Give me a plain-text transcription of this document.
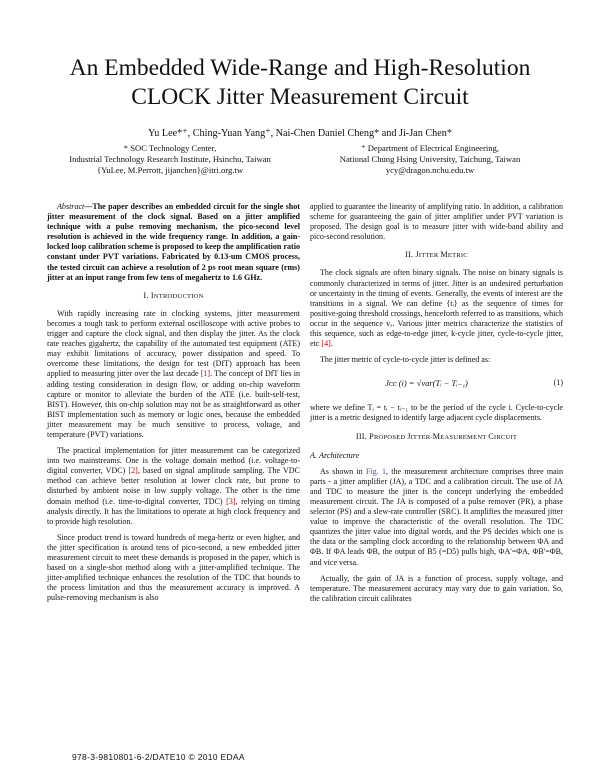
An Embedded Wide-Range and High-Resolution
CLOCK Jitter Measurement Circuit
Yu Lee*⁺, Ching-Yuan Yang⁺, Nai-Chen Daniel Cheng* and Ji-Jan Chen*
* SOC Technology Center,
Industrial Technology Research Institute, Hsinchu, Taiwan
{YuLee, M.Perrott, jijanchen}@itri.org.tw
⁺ Department of Electrical Engineering,
National Chung Hsing University, Taichung, Taiwan
ycy@dragon.nchu.edu.tw

Abstract—The paper describes an embedded circuit for the single shot jitter measurement of the clock signal. Based on a jitter amplified technique with a pulse removing mechanism, the pico-second level resolution is achieved in the wide frequency range. In addition, a gain-locked loop calibration scheme is proposed to keep the amplification ratio constant under PVT variations. Fabricated by 0.13-um CMOS process, the tested circuit can achieve a resolution of 2 ps root mean square (rms) jitter at an input range from few tens of megahertz to 1.6 GHz.

I. INTRODUCTION

With rapidly increasing rate in clocking systems, jitter measurement becomes a tough task to perform external oscilloscope with active probes to trigger and capture the clock signal, and then display the jitter. As the clock rate reaches gigahertz, the capability of the automated test equipment (ATE) may exhibit limitations of accuracy, power dissipation and speed. To overcome these limitations, the design for test (DfT) approach has been applied to measuring jitter over the last decade [1]. The concept of DfT lies in adding testing consideration in design flow, or adding on-chip waveform capture or monitor to alleviate the burden of the ATE (i.e. built-self-test, BIST). However, this on-chip solution may not be as straightforward as other BIST implementation such as memory or logic ones, because the embedded jitter measurement may be much sensitive to process, voltage, and temperature (PVT) variations.

The practical implementation for jitter measurement can be categorized into two mainstreams. One is the voltage domain method (i.e. voltage-to-digital converter, VDC) [2], based on signal amplitude sampling. The VDC method can achieve better resolution at lower clock rate, but prone to disturbed by ambient noise in low supply voltage. The other is the time domain method (i.e. time-to-digital converter, TDC) [3], relying on timing analysis directly. It has the limitations to operate at high clock frequency and to provide high resolution.

Since product trend is toward hundreds of mega-hertz or even higher, and the jitter specification is around tens of pico-second, a new embedded jitter measurement circuit to meet these demands is proposed in the paper, which is based on a single-shot method along with a jitter-amplified technique. The jitter-amplified technique enhances the resolution of the TDC that bounds to the process limitation and thus the measurement accuracy is improved. A pulse-removing mechanism is also

applied to guarantee the linearity of amplifying ratio. In addition, a calibration scheme for guaranteeing the gain of jitter amplifier under PVT variation is proposed. The design goal is to measure jitter with wide-band ability and pico-second resolution.

II. JITTER METRIC

The clock signals are often binary signals. The noise on binary signals is commonly characterized in terms of jitter. Jitter is an undesired perturbation or uncertainty in the timing of events. Generally, the events of interest are the transitions in a signal. We can define {tᵢ} as the sequence of times for positive-going threshold crossings, henceforth referred to as transitions, which occur in the sequence vₓ. Various jitter metrics characterize the statistics of this sequence, such as edge-to-edge jitter, k-cycle jitter, cycle-to-cycle jitter, etc [4].

The jitter metric of cycle-to-cycle jitter is defined as:

Jᴄᴄ (i) = √var(Tᵢ − Tᵢ₋₁)	(1)

where we define Tᵢ = tᵢ − tᵢ₋₁ to be the period of the cycle i. Cycle-to-cycle jitter is a metric designed to identify large adjacent cycle displacements.

III. PROPOSED JITTER-MEASUREMENT CIRCUIT
A. Architecture

As shown in Fig. 1, the measurement architecture comprises three main parts - a jitter amplifier (JA), a TDC and a calibration circuit. The use of JA and TDC to measure the jitter is the concept underlying the embedded measurement circuit. The JA is composed of a pulse remover (PR), a phase selector (PS) and a slew-rate controller (SRC). It amplifies the measured jitter value to improve the characteristic of the overall resolution. The TDC quantizes the jitter value into digital words, and the PS decides which one is the data or the sampling clock according to the relationship between ΦA and ΦB. If ΦA leads ΦB, the output of B5 (=D5) pulls high, ΦA'=ΦA, ΦB'=ΦB, and vice versa.

Actually, the gain of JA is a function of process, supply voltage, and temperature. The measurement accuracy may vary due to gain variation. So, the calibration circuit calibrates

978-3-9810801-6-2/DATE10 © 2010 EDAA
